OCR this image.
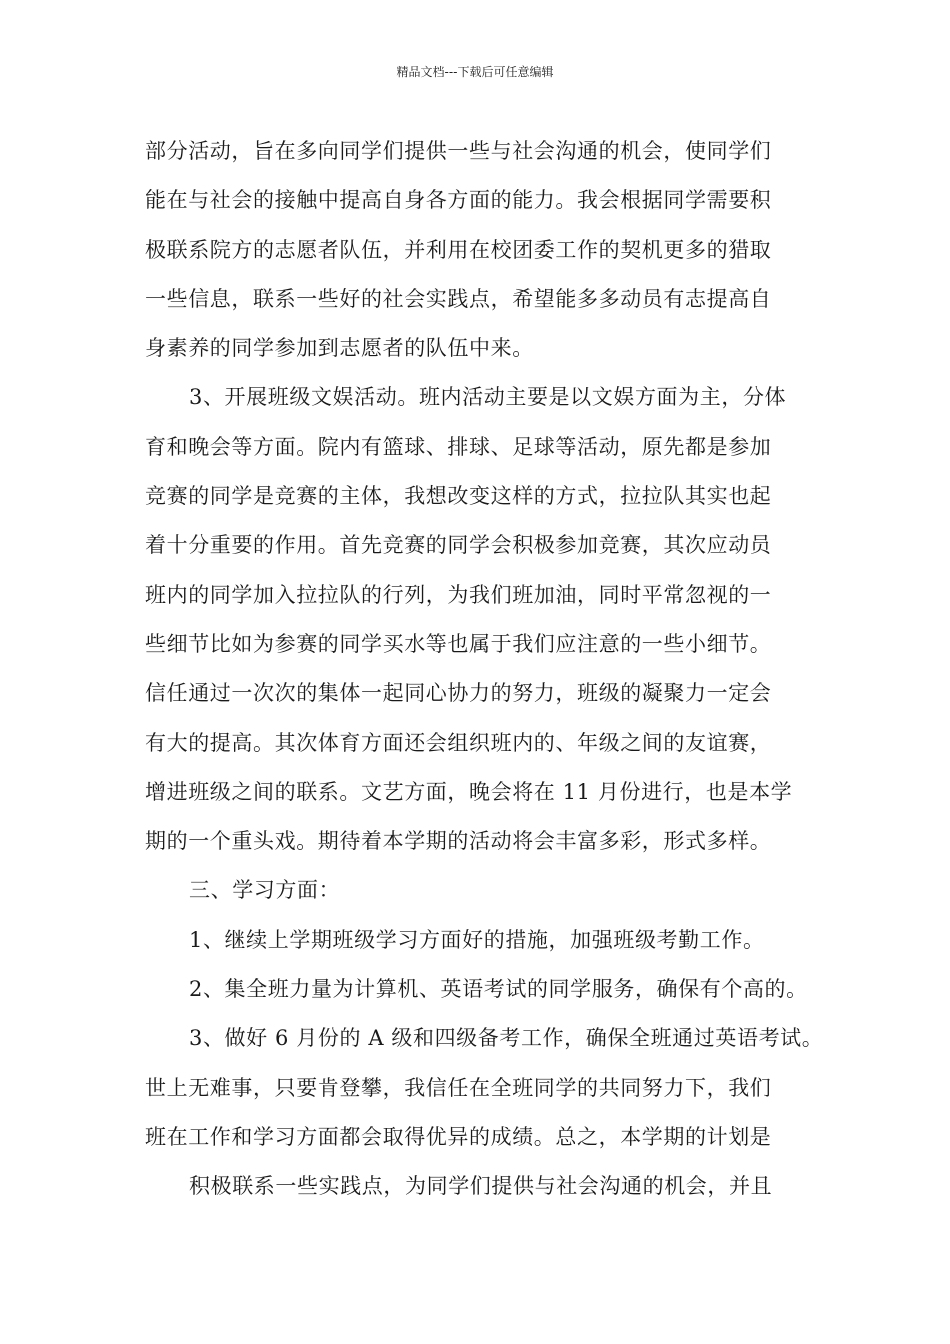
精品文档---下载后可任意编辑
部分活动，旨在多向同学们提供一些与社会沟通的机会，使同学们
能在与社会的接触中提高自身各方面的能力。我会根据同学需要积
极联系院方的志愿者队伍，并利用在校团委工作的契机更多的猎取
一些信息，联系一些好的社会实践点，希望能多多动员有志提高自
身素养的同学参加到志愿者的队伍中来。
3、开展班级文娱活动。班内活动主要是以文娱方面为主，分体
育和晚会等方面。院内有篮球、排球、足球等活动，原先都是参加
竞赛的同学是竞赛的主体，我想改变这样的方式，拉拉队其实也起
着十分重要的作用。首先竞赛的同学会积极参加竞赛，其次应动员
班内的同学加入拉拉队的行列，为我们班加油，同时平常忽视的一
些细节比如为参赛的同学买水等也属于我们应注意的一些小细节。
信任通过一次次的集体一起同心协力的努力，班级的凝聚力一定会
有大的提高。其次体育方面还会组织班内的、年级之间的友谊赛，
增进班级之间的联系。文艺方面，晚会将在 11 月份进行，也是本学
期的一个重头戏。期待着本学期的活动将会丰富多彩，形式多样。
三、学习方面：
1、继续上学期班级学习方面好的措施，加强班级考勤工作。
2、集全班力量为计算机、英语考试的同学服务，确保有个高的。
3、做好 6 月份的 A 级和四级备考工作，确保全班通过英语考试。
世上无难事，只要肯登攀，我信任在全班同学的共同努力下，我们
班在工作和学习方面都会取得优异的成绩。总之，本学期的计划是
积极联系一些实践点，为同学们提供与社会沟通的机会，并且
